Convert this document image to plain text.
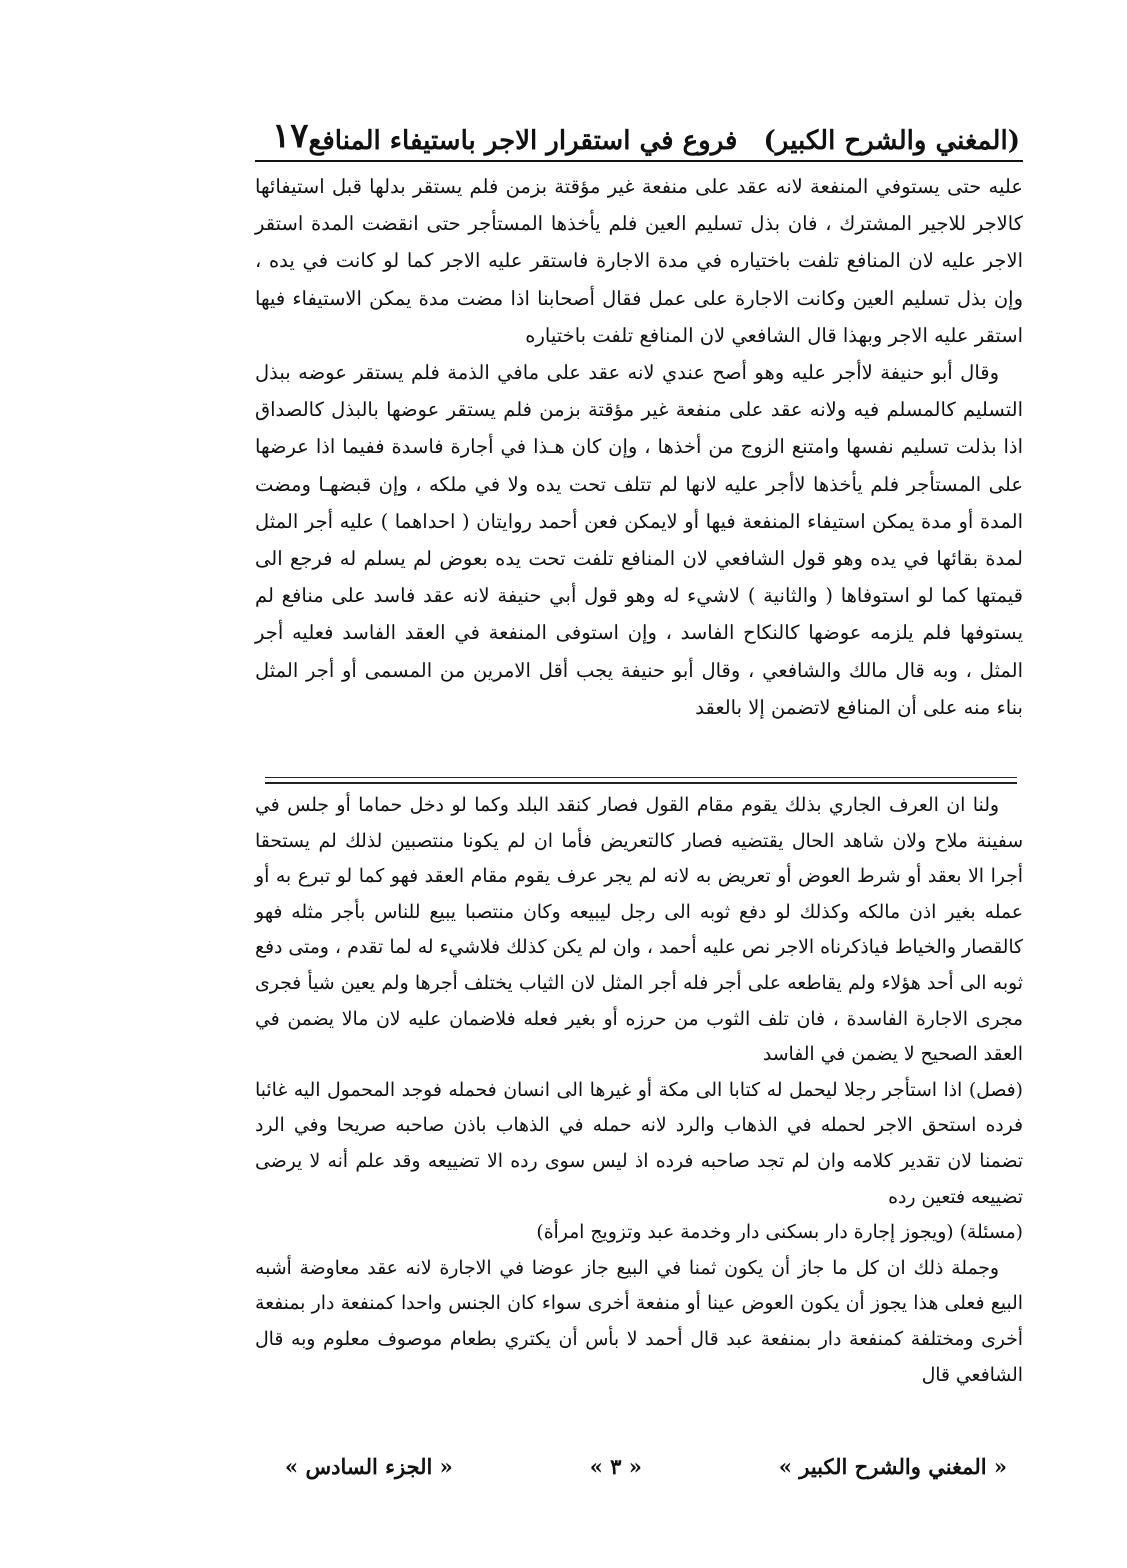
(المغني والشرح الكبير)فروع في استقرار الاجر باستيفاء المنافع
١٧

عليه حتى يستوفي المنفعة لانه عقد على منفعة غير مؤقتة بزمن فلم يستقر بدلها قبل استيفائها كالاجر للاجير المشترك ، فان بذل تسليم العين فلم يأخذها المستأجر حتى انقضت المدة استقر الاجر عليه لان المنافع تلفت باختياره في مدة الاجارة فاستقر عليه الاجر كما لو كانت في يده ، وإن بذل تسليم العين وكانت الاجارة على عمل فقال أصحابنا اذا مضت مدة يمكن الاستيفاء فيها استقر عليه الاجر وبهذا قال الشافعي لان المنافع تلفت باختياره

وقال أبو حنيفة لاأجر عليه وهو أصح عندي لانه عقد على مافي الذمة فلم يستقر عوضه ببذل التسليم كالمسلم فيه ولانه عقد على منفعة غير مؤقتة بزمن فلم يستقر عوضها بالبذل كالصداق اذا بذلت تسليم نفسها وامتنع الزوج من أخذها ، وإن كان هـذا في أجارة فاسدة ففيما اذا عرضها على المستأجر فلم يأخذها لاأجر عليه لانها لم تتلف تحت يده ولا في ملكه ، وإن قبضهـا ومضت المدة أو مدة يمكن استيفاء المنفعة فيها أو لايمكن فعن أحمد روايتان ( احداهما ) عليه أجر المثل لمدة بقائها في يده وهو قول الشافعي لان المنافع تلفت تحت يده بعوض لم يسلم له فرجع الى قيمتها كما لو استوفاها ( والثانية ) لاشيء له وهو قول أبي حنيفة لانه عقد فاسد على منافع لم يستوفها فلم يلزمه عوضها كالنكاح الفاسد ، وإن استوفى المنفعة في العقد الفاسد فعليه أجر المثل ، وبه قال مالك والشافعي ، وقال أبو حنيفة يجب أقل الامرين من المسمى أو أجر المثل بناء منه على أن المنافع لاتضمن إلا بالعقد

ولنا ان العرف الجاري بذلك يقوم مقام القول فصار كنقد البلد وكما لو دخل حماما أو جلس في سفينة ملاح ولان شاهد الحال يقتضيه فصار كالتعريض فأما ان لم يكونا منتصبين لذلك لم يستحقا أجرا الا بعقد أو شرط العوض أو تعريض به لانه لم يجر عرف يقوم مقام العقد فهو كما لو تبرع به أو عمله بغير اذن مالكه وكذلك لو دفع ثوبه الى رجل ليبيعه وكان منتصبا يبيع للناس بأجر مثله فهو كالقصار والخياط فياذكرناه الاجر نص عليه أحمد ، وان لم يكن كذلك فلاشيء له لما تقدم ، ومتى دفع ثوبه الى أحد هؤلاء ولم يقاطعه على أجر فله أجر المثل لان الثياب يختلف أجرها ولم يعين شيأ فجرى مجرى الاجارة الفاسدة ، فان تلف الثوب من حرزه أو بغير فعله فلاضمان عليه لان مالا يضمن في العقد الصحيح لا يضمن في الفاسد

(فصل) اذا استأجر رجلا ليحمل له كتابا الى مكة أو غيرها الى انسان فحمله فوجد المحمول اليه غائبا فرده استحق الاجر لحمله في الذهاب والرد لانه حمله في الذهاب باذن صاحبه صريحا وفي الرد تضمنا لان تقدير كلامه وان لم تجد صاحبه فرده اذ ليس سوى رده الا تضييعه وقد علم أنه لا يرضى تضييعه فتعين رده

(مسئلة) (ويجوز إجارة دار بسكنى دار وخدمة عبد وتزويج امرأة)

وجملة ذلك ان كل ما جاز أن يكون ثمنا في البيع جاز عوضا في الاجارة لانه عقد معاوضة أشبه البيع فعلى هذا يجوز أن يكون العوض عينا أو منفعة أخرى سواء كان الجنس واحدا كمنفعة دار بمنفعة أخرى ومختلفة كمنفعة دار بمنفعة عبد قال أحمد لا بأس أن يكتري بطعام موصوف معلوم وبه قال الشافعي قال

« المغني والشرح الكبير »
« ٣ »
« الجزء السادس »
